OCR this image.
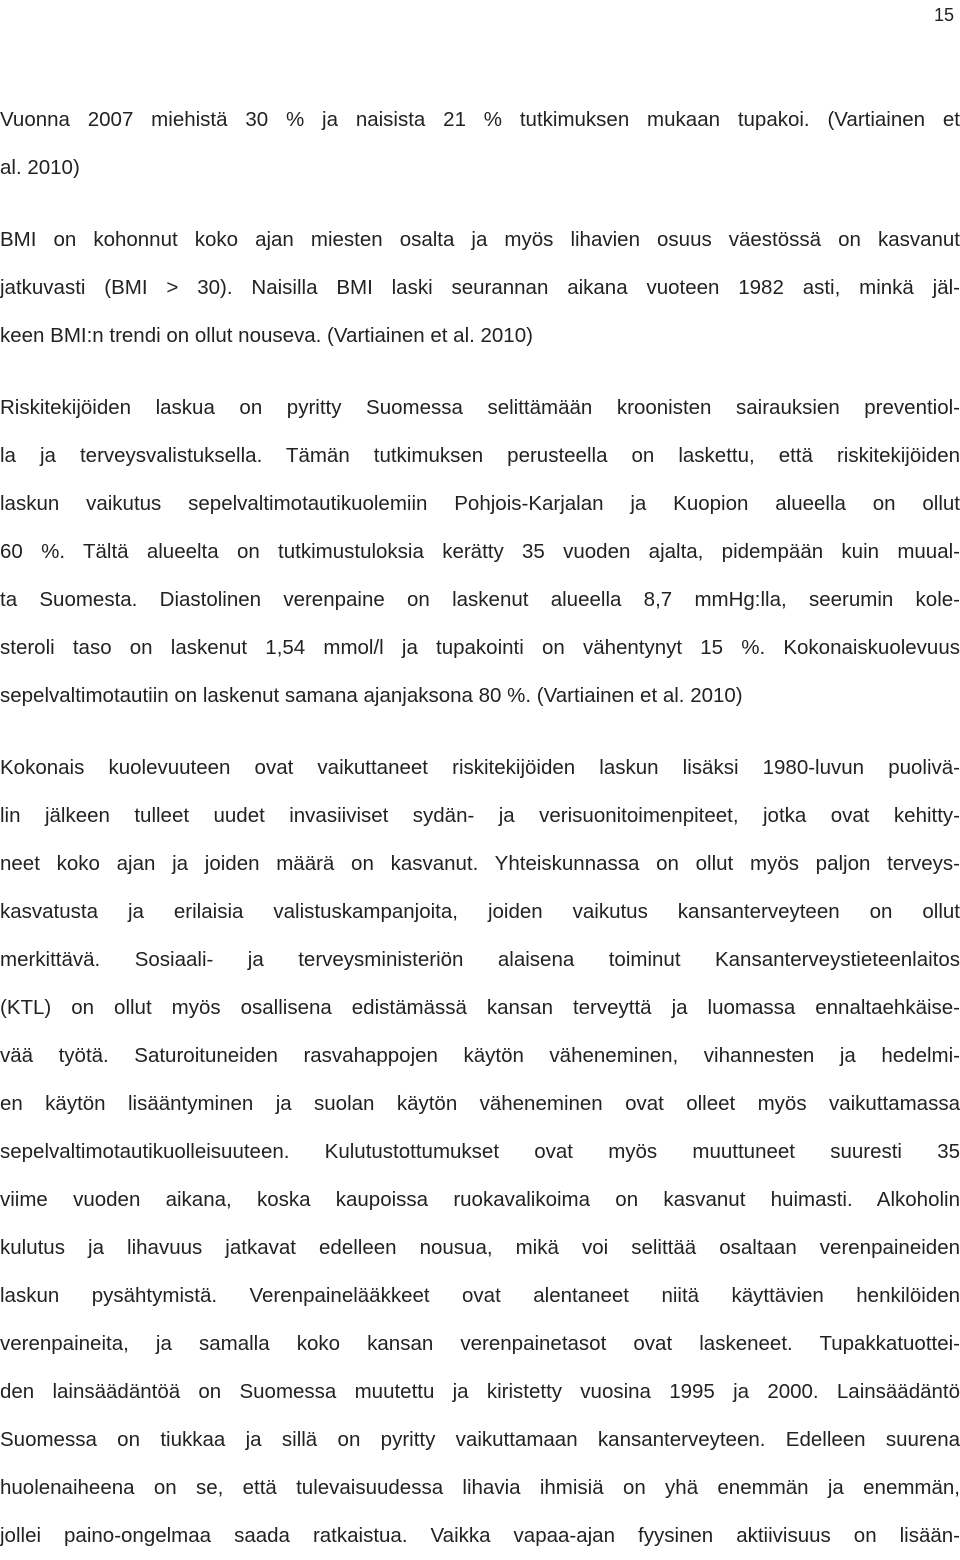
15
Vuonna 2007 miehistä 30 % ja naisista 21 % tutkimuksen mukaan tupakoi. (Vartiainen et
al. 2010)
BMI on kohonnut koko ajan miesten osalta ja myös lihavien osuus väestössä on kasvanut
jatkuvasti (BMI > 30). Naisilla BMI laski seurannan aikana vuoteen 1982 asti, minkä jäl-
keen BMI:n trendi on ollut nouseva. (Vartiainen et al. 2010)
Riskitekijöiden laskua on pyritty Suomessa selittämään kroonisten sairauksien preventiol-
la ja terveysvalistuksella. Tämän tutkimuksen perusteella on laskettu, että riskitekijöiden
laskun vaikutus sepelvaltimotautikuolemiin Pohjois-Karjalan ja Kuopion alueella on ollut
60 %. Tältä alueelta on tutkimustuloksia kerätty 35 vuoden ajalta, pidempään kuin muual-
ta Suomesta. Diastolinen verenpaine on laskenut alueella 8,7 mmHg:lla, seerumin kole-
steroli taso on laskenut 1,54 mmol/l ja tupakointi on vähentynyt 15 %. Kokonaiskuolevuus
sepelvaltimotautiin on laskenut samana ajanjaksona 80 %. (Vartiainen et al. 2010)
Kokonais kuolevuuteen ovat vaikuttaneet riskitekijöiden laskun lisäksi 1980-luvun puolivä-
lin jälkeen tulleet uudet invasiiviset sydän- ja verisuonitoimenpiteet, jotka ovat kehitty-
neet koko ajan ja joiden määrä on kasvanut. Yhteiskunnassa on ollut myös paljon terveys-
kasvatusta ja erilaisia valistuskampanjoita, joiden vaikutus kansanterveyteen on ollut
merkittävä. Sosiaali- ja terveysministeriön alaisena toiminut Kansanterveystieteenlaitos
(KTL) on ollut myös osallisena edistämässä kansan terveyttä ja luomassa ennaltaehkäise-
vää työtä. Saturoituneiden rasvahappojen käytön väheneminen, vihannesten ja hedelmi-
en käytön lisääntyminen ja suolan käytön väheneminen ovat olleet myös vaikuttamassa
sepelvaltimotautikuolleisuuteen. Kulutustottumukset ovat myös muuttuneet suuresti 35
viime vuoden aikana, koska kaupoissa ruokavalikoima on kasvanut huimasti. Alkoholin
kulutus ja lihavuus jatkavat edelleen nousua, mikä voi selittää osaltaan verenpaineiden
laskun pysähtymistä. Verenpainelääkkeet ovat alentaneet niitä käyttävien henkilöiden
verenpaineita, ja samalla koko kansan verenpainetasot ovat laskeneet. Tupakkatuottei-
den lainsäädäntöä on Suomessa muutettu ja kiristetty vuosina 1995 ja 2000. Lainsäädäntö
Suomessa on tiukkaa ja sillä on pyritty vaikuttamaan kansanterveyteen. Edelleen suurena
huolenaiheena on se, että tulevaisuudessa lihavia ihmisiä on yhä enemmän ja enemmän,
jollei paino-ongelmaa saada ratkaistua. Vaikka vapaa-ajan fyysinen aktiivisuus on lisään-
